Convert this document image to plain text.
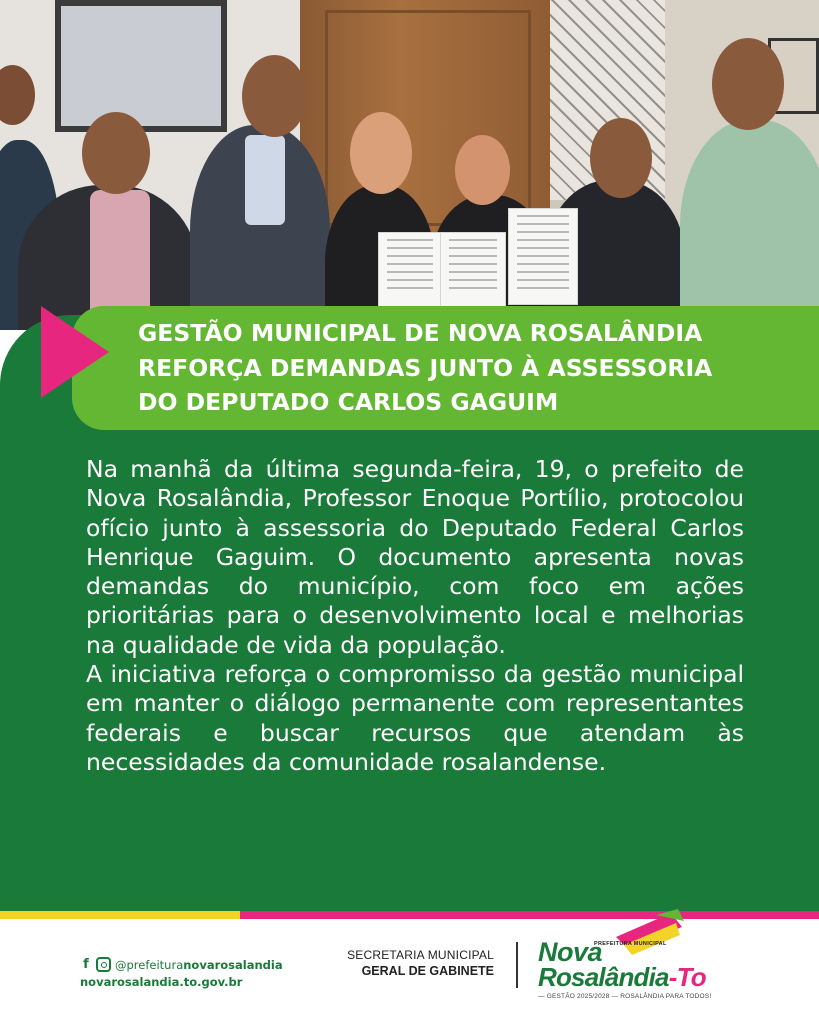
GESTÃO MUNICIPAL DE NOVA ROSALÂNDIA
REFORÇA DEMANDAS JUNTO À ASSESSORIA
DO DEPUTADO CARLOS GAGUIM

Na manhã da última segunda-feira, 19, o prefeito de Nova Rosalândia, Professor Enoque Portílio, protocolou ofício junto à assessoria do Deputado Federal Carlos Henrique Gaguim. O documento apresenta novas demandas do município, com foco em ações prioritárias para o desenvolvimento local e melhorias na qualidade de vida da população.

A iniciativa reforça o compromisso da gestão municipal em manter o diálogo permanente com representantes federais e buscar recursos que atendam às necessidades da comunidade rosalandense.

f @prefeituranovarosalandia
novarosalandia.to.gov.br
SECRETARIA MUNICIPAL
GERAL DE GABINETE
PREFEITURA MUNICIPAL
Nova
Rosalândia-To
— GESTÃO 2025/2028 — ROSALÂNDIA PARA TODOS!
